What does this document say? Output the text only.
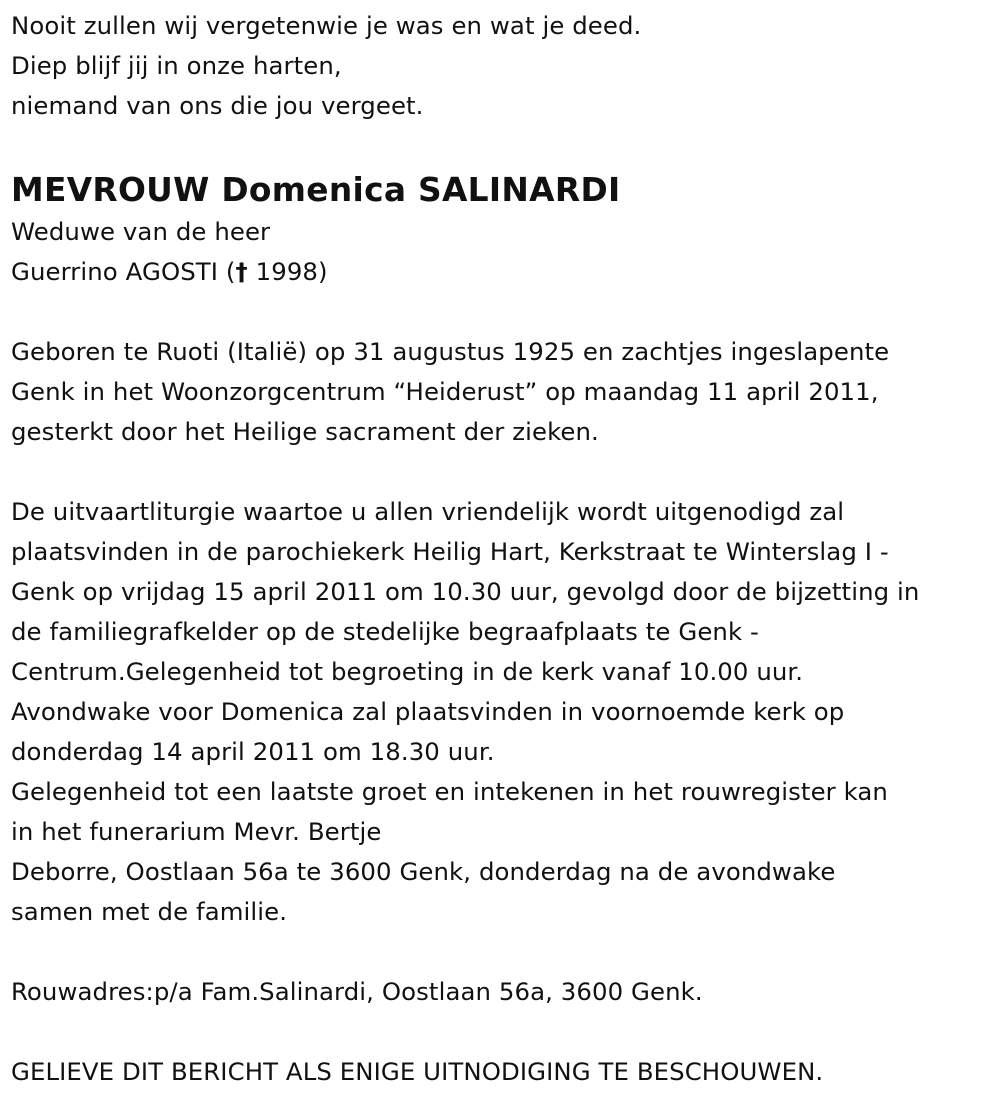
Nooit zullen wij vergetenwie je was en wat je deed.
Diep blijf jij in onze harten,
niemand van ons die jou vergeet.
MEVROUW Domenica SALINARDI
Weduwe van de heer
Guerrino AGOSTI († 1998)
Geboren te Ruoti (Italië) op 31 augustus 1925 en zachtjes ingeslapente
Genk in het Woonzorgcentrum “Heiderust” op maandag 11 april 2011,
gesterkt door het Heilige sacrament der zieken.
De uitvaartliturgie waartoe u allen vriendelijk wordt uitgenodigd zal
plaatsvinden in de parochiekerk Heilig Hart, Kerkstraat te Winterslag I -
Genk op vrijdag 15 april 2011 om 10.30 uur, gevolgd door de bijzetting in
de familiegrafkelder op de stedelijke begraafplaats te Genk -
Centrum.Gelegenheid tot begroeting in de kerk vanaf 10.00 uur.
Avondwake voor Domenica zal plaatsvinden in voornoemde kerk op
donderdag 14 april 2011 om 18.30 uur.
Gelegenheid tot een laatste groet en intekenen in het rouwregister kan
in het funerarium Mevr. Bertje
Deborre, Oostlaan 56a te 3600 Genk, donderdag na de avondwake
samen met de familie.
Rouwadres:p/a Fam.Salinardi, Oostlaan 56a, 3600 Genk.
GELIEVE DIT BERICHT ALS ENIGE UITNODIGING TE BESCHOUWEN.
